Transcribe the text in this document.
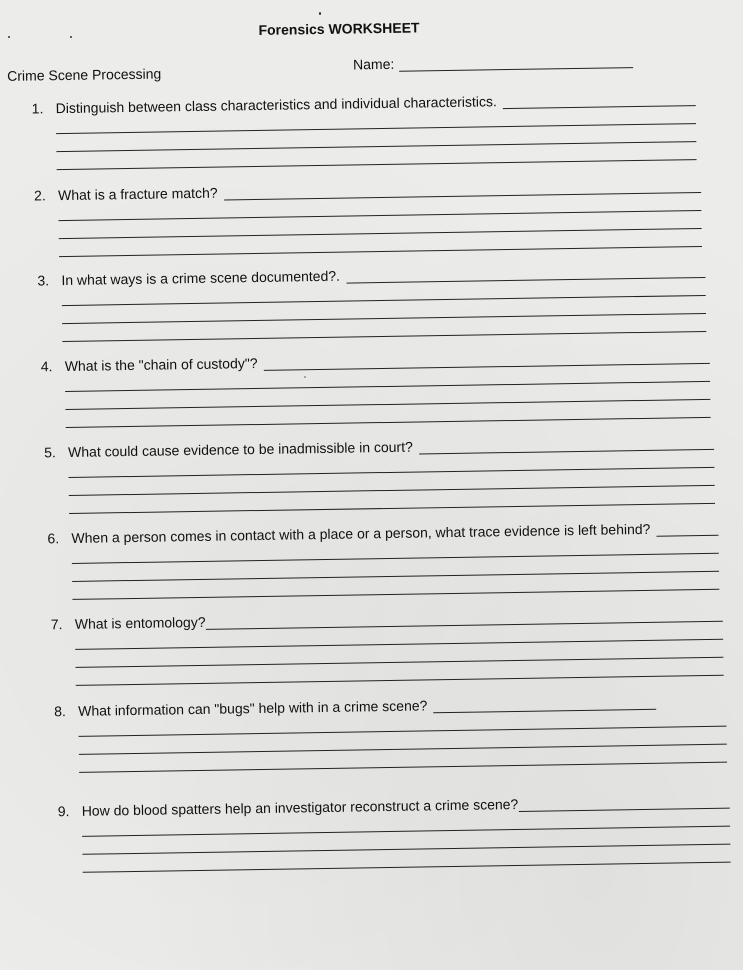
Forensics WORKSHEET
Crime Scene Processing
Name:
1. Distinguish between class characteristics and individual characteristics.
2. What is a fracture match?
3. In what ways is a crime scene documented?.
4. What is the "chain of custody"?
5. What could cause evidence to be inadmissible in court?
6. When a person comes in contact with a place or a person, what trace evidence is left behind?
7. What is entomology?
8. What information can "bugs" help with in a crime scene?
9. How do blood spatters help an investigator reconstruct a crime scene?
